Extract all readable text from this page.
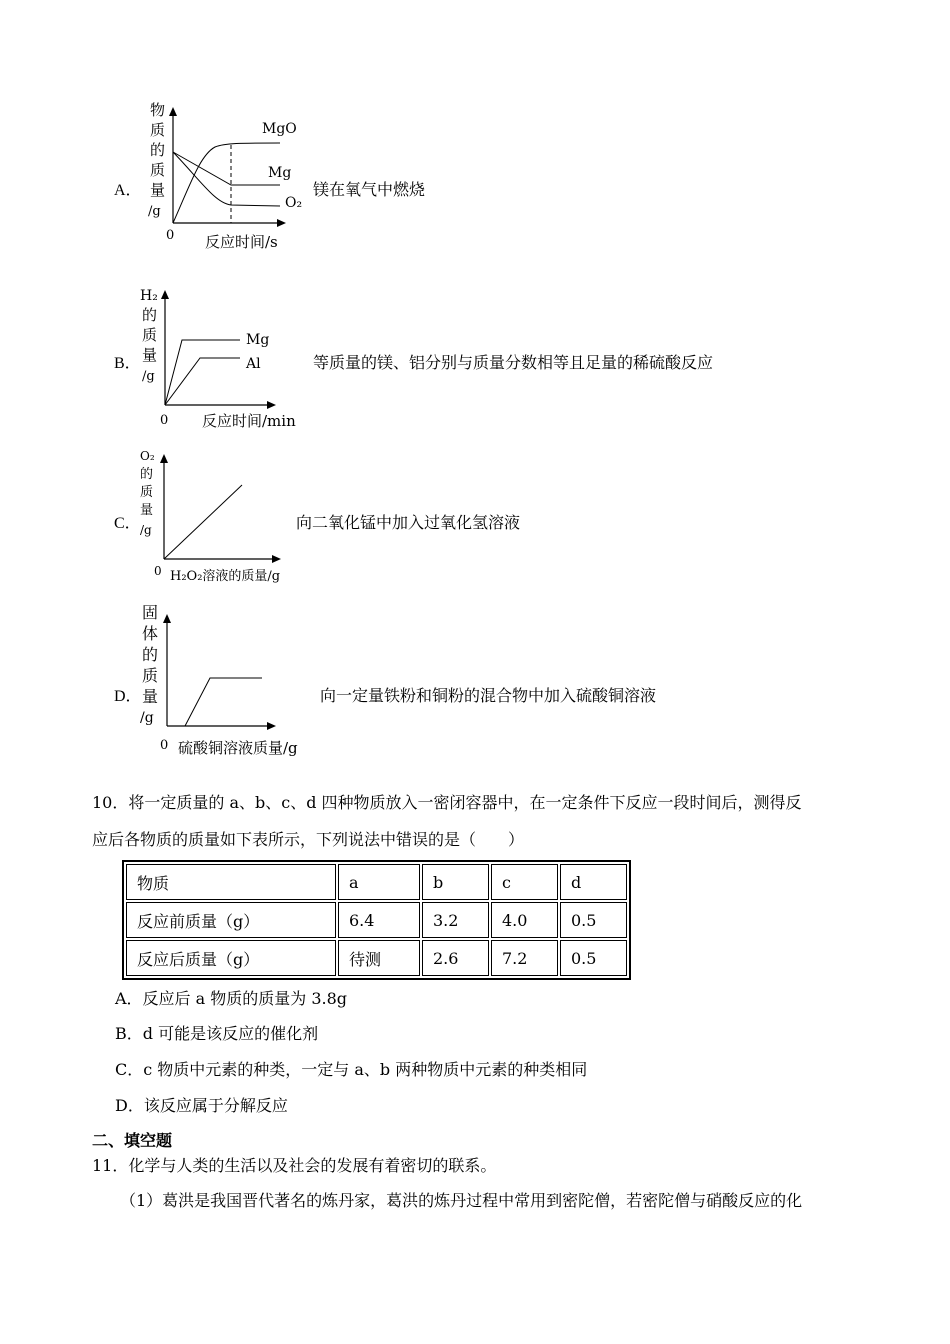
A．
物
质
的
质
量
/g
MgO
Mg
O₂
0 反应时间/s
镁在氧气中燃烧
B．
H₂
的
质
量
/g
Mg
Al
0 反应时间/min
等质量的镁、铝分别与质量分数相等且足量的稀硫酸反应
C．
O₂
的
质
量
/g
0 H₂O₂溶液的质量/g
向二氧化锰中加入过氧化氢溶液
D．
固
体
的
质
量
/g
0 硫酸铜溶液质量/g
向一定量铁粉和铜粉的混合物中加入硫酸铜溶液
10．将一定质量的 a、b、c、d 四种物质放入一密闭容器中，在一定条件下反应一段时间后，测得反
应后各物质的质量如下表所示，下列说法中错误的是（　　）
物质	a	b	c	d
反应前质量（g）	6.4	3.2	4.0	0.5
反应后质量（g）	待测	2.6	7.2	0.5
A．反应后 a 物质的质量为 3.8g
B．d 可能是该反应的催化剂
C．c 物质中元素的种类，一定与 a、b 两种物质中元素的种类相同
D．该反应属于分解反应
二、填空题
11．化学与人类的生活以及社会的发展有着密切的联系。
（1）葛洪是我国晋代著名的炼丹家，葛洪的炼丹过程中常用到密陀僧，若密陀僧与硝酸反应的化
